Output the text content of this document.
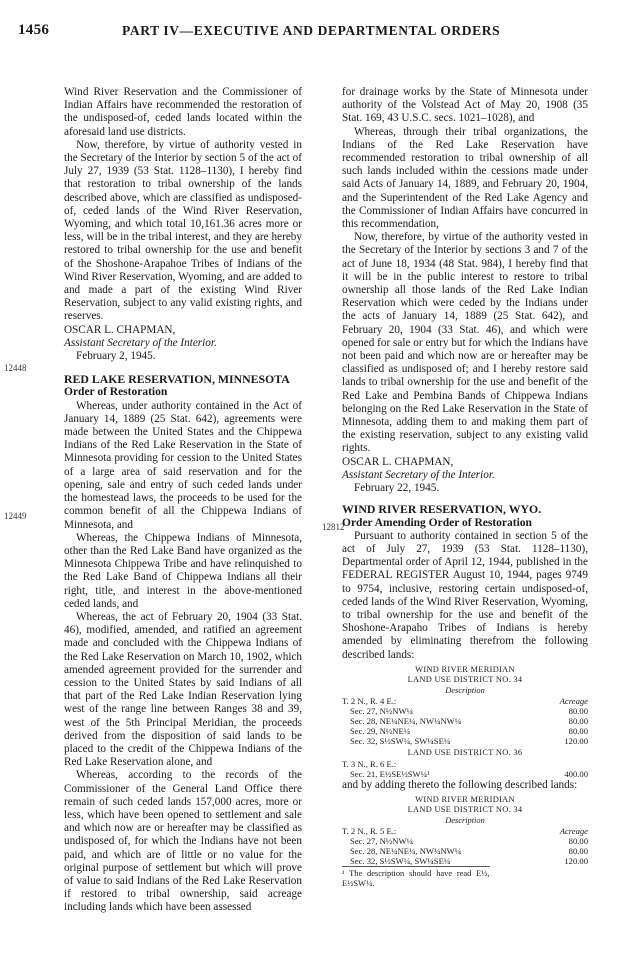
1456	PART IV—EXECUTIVE AND DEPARTMENTAL ORDERS
12448
12449
12812

Wind River Reservation and the Commissioner of Indian Affairs have recommended the restoration of the undisposed-of, ceded lands located within the aforesaid land use districts.

Now, therefore, by virtue of authority vested in the Secretary of the Interior by section 5 of the act of July 27, 1939 (53 Stat. 1128–1130), I hereby find that restoration to tribal ownership of the lands described above, which are classified as undisposed-of, ceded lands of the Wind River Reservation, Wyoming, and which total 10,161.36 acres more or less, will be in the tribal interest, and they are hereby restored to tribal ownership for the use and benefit of the Shoshone-Arapahoe Tribes of Indians of the Wind River Reservation, Wyoming, and are added to and made a part of the existing Wind River Reservation, subject to any valid existing rights, and reserves.

OSCAR L. CHAPMAN,

Assistant Secretary of the Interior.

February 2, 1945.

RED LAKE RESERVATION, MINNESOTA

Order of Restoration

Whereas, under authority contained in the Act of January 14, 1889 (25 Stat. 642), agreements were made between the United States and the Chippewa Indians of the Red Lake Reservation in the State of Minnesota providing for cession to the United States of a large area of said reservation and for the opening, sale and entry of such ceded lands under the homestead laws, the proceeds to be used for the common benefit of all the Chippewa Indians of Minnesota, and

Whereas, the Chippewa Indians of Minnesota, other than the Red Lake Band have organized as the Minnesota Chippewa Tribe and have relinquished to the Red Lake Band of Chippewa Indians all their right, title, and interest in the above-mentioned ceded lands, and

Whereas, the act of February 20, 1904 (33 Stat. 46), modified, amended, and ratified an agreement made and concluded with the Chippewa Indians of the Red Lake Reservation on March 10, 1902, which amended agreement provided for the surrender and cession to the United States by said Indians of all that part of the Red Lake Indian Reservation lying west of the range line between Ranges 38 and 39, west of the 5th Principal Meridian, the proceeds derived from the disposition of said lands to be placed to the credit of the Chippewa Indians of the Red Lake Reservation alone, and

Whereas, according to the records of the Commissioner of the General Land Office there remain of such ceded lands 157,000 acres, more or less, which have been opened to settlement and sale and which now are or hereafter may be classified as undisposed of, for which the Indians have not been paid, and which are of little or no value for the original purpose of settlement but which will prove of value to said Indians of the Red Lake Reservation if restored to tribal ownership, said acreage including lands which have been assessed

for drainage works by the State of Minnesota under authority of the Volstead Act of May 20, 1908 (35 Stat. 169, 43 U.S.C. secs. 1021–1028), and

Whereas, through their tribal organizations, the Indians of the Red Lake Reservation have recommended restoration to tribal ownership of all such lands included within the cessions made under said Acts of January 14, 1889, and February 20, 1904, and the Superintendent of the Red Lake Agency and the Commissioner of Indian Affairs have concurred in this recommendation,

Now, therefore, by virtue of the authority vested in the Secretary of the Interior by sections 3 and 7 of the act of June 18, 1934 (48 Stat. 984), I hereby find that it will be in the public interest to restore to tribal ownership all those lands of the Red Lake Indian Reservation which were ceded by the Indians under the acts of January 14, 1889 (25 Stat. 642), and February 20, 1904 (33 Stat. 46), and which were opened for sale or entry but for which the Indians have not been paid and which now are or hereafter may be classified as undisposed of; and I hereby restore said lands to tribal ownership for the use and benefit of the Red Lake and Pembina Bands of Chippewa Indians belonging on the Red Lake Reservation in the State of Minnesota, adding them to and making them part of the existing reservation, subject to any existing valid rights.

OSCAR L. CHAPMAN,

Assistant Secretary of the Interior.

February 22, 1945.

WIND RIVER RESERVATION, WYO.

Order Amending Order of Restoration

Pursuant to authority contained in section 5 of the act of July 27, 1939 (53 Stat. 1128–1130), Departmental order of April 12, 1944, published in the FEDERAL REGISTER August 10, 1944, pages 9749 to 9754, inclusive, restoring certain undisposed-of, ceded lands of the Wind River Reservation, Wyoming, to tribal ownership for the use and benefit of the Shoshone-Arapaho Tribes of Indians is hereby amended by eliminating therefrom the following described lands:

WIND RIVER MERIDIAN

LAND USE DISTRICT NO. 34

Description

T. 2 N., R. 4 E.:	Acreage
Sec. 27, N½NW¼	80.00
Sec. 28, NE¼NE¼, NW¼NW¼	80.00
Sec. 29, N½NE¼	80.00
Sec. 32, S½SW¼, SW¼SE¼	120.00

LAND USE DISTRICT NO. 36

T. 3 N., R. 6 E.:	
Sec. 21, E½SE½SW¼¹	400.00

and by adding thereto the following described lands:

WIND RIVER MERIDIAN

LAND USE DISTRICT NO. 34

Description

T. 2 N., R. 5 E.:	Acreage
Sec. 27, N½NW¼	80.00
Sec. 28, NE¼NE¼, NW¼NW¼	80.00
Sec. 32, S½SW¼, SW¼SE¼	120.00

¹ The description should have read E½, E½SW¼.
